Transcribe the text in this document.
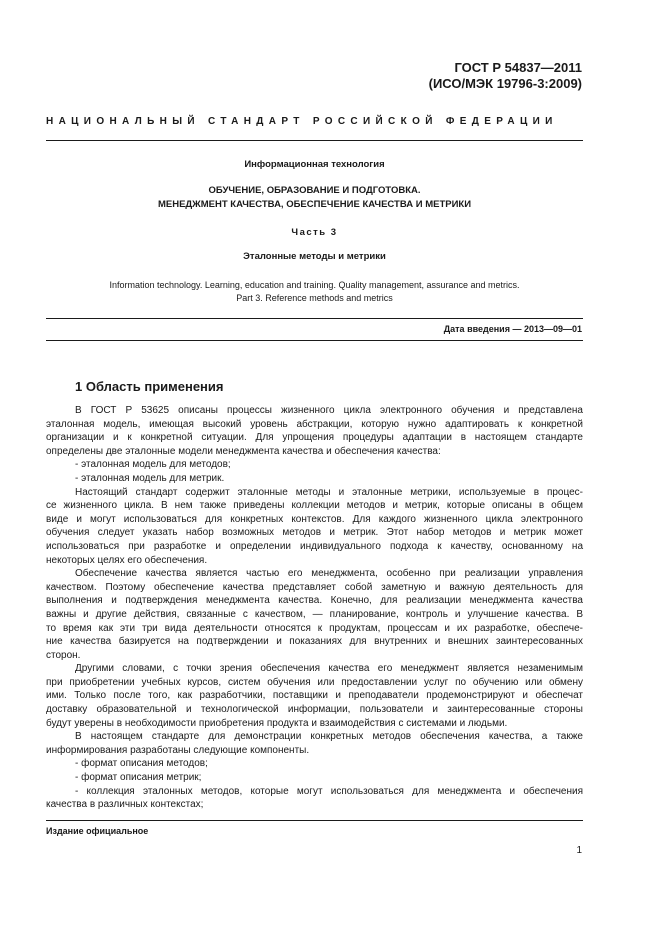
ГОСТ Р 54837—2011
(ИСО/МЭК 19796-3:2009)
НАЦИОНАЛЬНЫЙ СТАНДАРТ РОССИЙСКОЙ ФЕДЕРАЦИИ
Информационная технология
ОБУЧЕНИЕ, ОБРАЗОВАНИЕ И ПОДГОТОВКА.
МЕНЕДЖМЕНТ КАЧЕСТВА, ОБЕСПЕЧЕНИЕ КАЧЕСТВА И МЕТРИКИ
Часть 3
Эталонные методы и метрики
Information technology. Learning, education and training. Quality management, assurance and metrics.
Part 3. Reference methods and metrics
Дата введения — 2013—09—01
1 Область применения
В ГОСТ Р 53625 описаны процессы жизненного цикла электронного обучения и представлена
эталонная модель, имеющая высокий уровень абстракции, которую нужно адаптировать к конкретной
организации и к конкретной ситуации. Для упрощения процедуры адаптации в настоящем стандарте
определены две эталонные модели менеджмента качества и обеспечения качества:
- эталонная модель для методов;
- эталонная модель для метрик.
Настоящий стандарт содержит эталонные методы и эталонные метрики, используемые в процес-
се жизненного цикла. В нем также приведены коллекции методов и метрик, которые описаны в общем
виде и могут использоваться для конкретных контекстов. Для каждого жизненного цикла электронного
обучения следует указать набор возможных методов и метрик. Этот набор методов и метрик может
использоваться при разработке и определении индивидуального подхода к качеству, основанному на
некоторых целях его обеспечения.
Обеспечение качества является частью его менеджмента, особенно при реализации управления
качеством. Поэтому обеспечение качества представляет собой заметную и важную деятельность для
выполнения и подтверждения менеджмента качества. Конечно, для реализации менеджмента качества
важны и другие действия, связанные с качеством, — планирование, контроль и улучшение качества. В
то время как эти три вида деятельности относятся к продуктам, процессам и их разработке, обеспече-
ние качества базируется на подтверждении и показаниях для внутренних и внешних заинтересованных
сторон.
Другими словами, с точки зрения обеспечения качества его менеджмент является незаменимым
при приобретении учебных курсов, систем обучения или предоставлении услуг по обучению или обмену
ими. Только после того, как разработчики, поставщики и преподаватели продемонстрируют и обеспечат
доставку образовательной и технологической информации, пользователи и заинтересованные стороны
будут уверены в необходимости приобретения продукта и взаимодействия с системами и людьми.
В настоящем стандарте для демонстрации конкретных методов обеспечения качества, а также
информирования разработаны следующие компоненты.
- формат описания методов;
- формат описания метрик;
- коллекция эталонных методов, которые могут использоваться для менеджмента и обеспечения
качества в различных контекстах;
Издание официальное
1
